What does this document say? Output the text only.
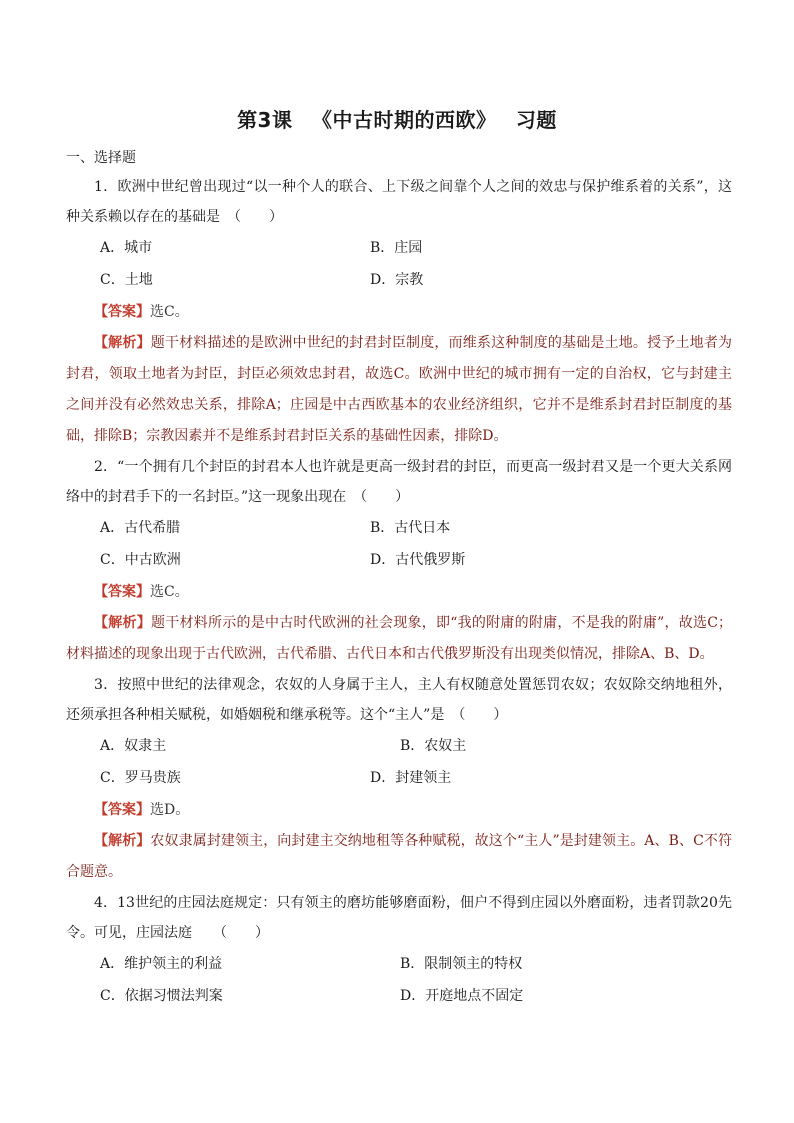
第3课 《中古时期的西欧》 习题
一、选择题

1．欧洲中世纪曾出现过“以一种个人的联合、上下级之间靠个人之间的效忠与保护维系着的关系”，这种关系赖以存在的基础是　（　　）

A．城市	B．庄园
C．土地	D．宗教

【答案】选C。

【解析】题干材料描述的是欧洲中世纪的封君封臣制度，而维系这种制度的基础是土地。授予土地者为封君，领取土地者为封臣，封臣必须效忠封君，故选C。欧洲中世纪的城市拥有一定的自治权，它与封建主之间并没有必然效忠关系，排除A；庄园是中古西欧基本的农业经济组织，它并不是维系封君封臣制度的基础，排除B；宗教因素并不是维系封君封臣关系的基础性因素，排除D。

2．“一个拥有几个封臣的封君本人也许就是更高一级封君的封臣，而更高一级封君又是一个更大关系网络中的封君手下的一名封臣。”这一现象出现在　（　　）

A．古代希腊	B．古代日本
C．中古欧洲	D．古代俄罗斯

【答案】选C。

【解析】题干材料所示的是中古时代欧洲的社会现象，即“我的附庸的附庸，不是我的附庸”，故选C；材料描述的现象出现于古代欧洲，古代希腊、古代日本和古代俄罗斯没有出现类似情况，排除A、B、D。

3．按照中世纪的法律观念，农奴的人身属于主人，主人有权随意处置惩罚农奴；农奴除交纳地租外，还须承担各种相关赋税，如婚姻税和继承税等。这个“主人”是　（　　）

A．奴隶主	B．农奴主
C．罗马贵族	D．封建领主

【答案】选D。

【解析】农奴隶属封建领主，向封建主交纳地租等各种赋税，故这个“主人”是封建领主。A、B、C不符合题意。

4．13世纪的庄园法庭规定：只有领主的磨坊能够磨面粉，佃户不得到庄园以外磨面粉，违者罚款20先令。可见，庄园法庭　　（　　）

A．维护领主的利益	B．限制领主的特权
C．依据习惯法判案	D．开庭地点不固定
